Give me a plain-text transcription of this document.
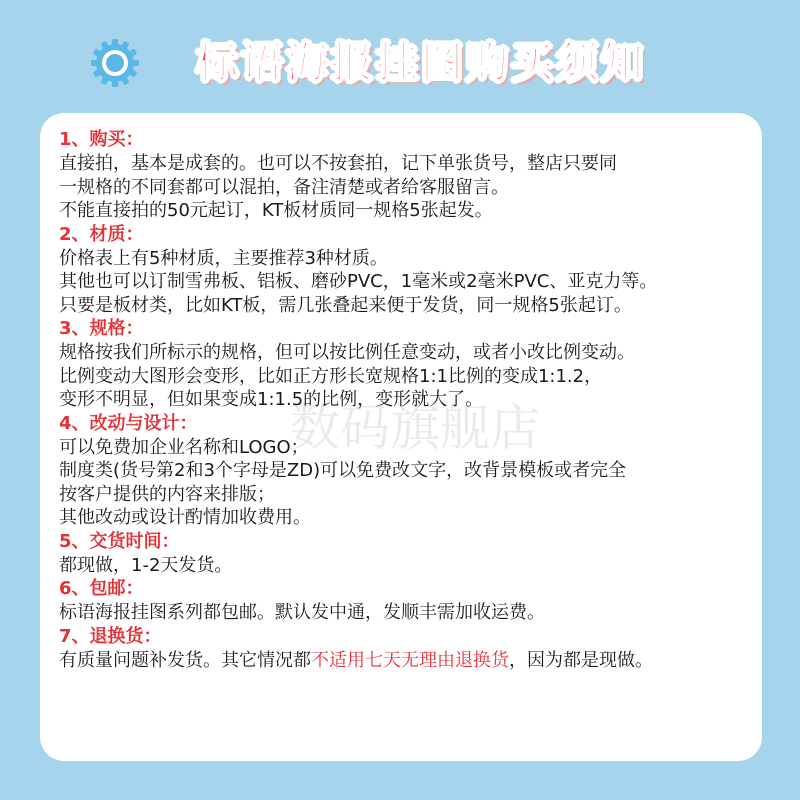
标语海报挂图购买须知
1、购买：
直接拍，基本是成套的。也可以不按套拍，记下单张货号，整店只要同
一规格的不同套都可以混拍，备注清楚或者给客服留言。
不能直接拍的50元起订，KT板材质同一规格5张起发。
2、材质：
价格表上有5种材质，主要推荐3种材质。
其他也可以订制雪弗板、铝板、磨砂PVC，1毫米或2毫米PVC、亚克力等。
只要是板材类，比如KT板，需几张叠起来便于发货，同一规格5张起订。
3、规格：
规格按我们所标示的规格，但可以按比例任意变动，或者小改比例变动。
比例变动大图形会变形，比如正方形长宽规格1:1比例的变成1:1.2，
变形不明显，但如果变成1:1.5的比例，变形就大了。
4、改动与设计：
可以免费加企业名称和LOGO；
制度类(货号第2和3个字母是ZD)可以免费改文字，改背景模板或者完全
按客户提供的内容来排版；
其他改动或设计酌情加收费用。
5、交货时间：
都现做，1-2天发货。
6、包邮：
标语海报挂图系列都包邮。默认发中通，发顺丰需加收运费。
7、退换货：
有质量问题补发货。其它情况都不适用七天无理由退换货，因为都是现做。
